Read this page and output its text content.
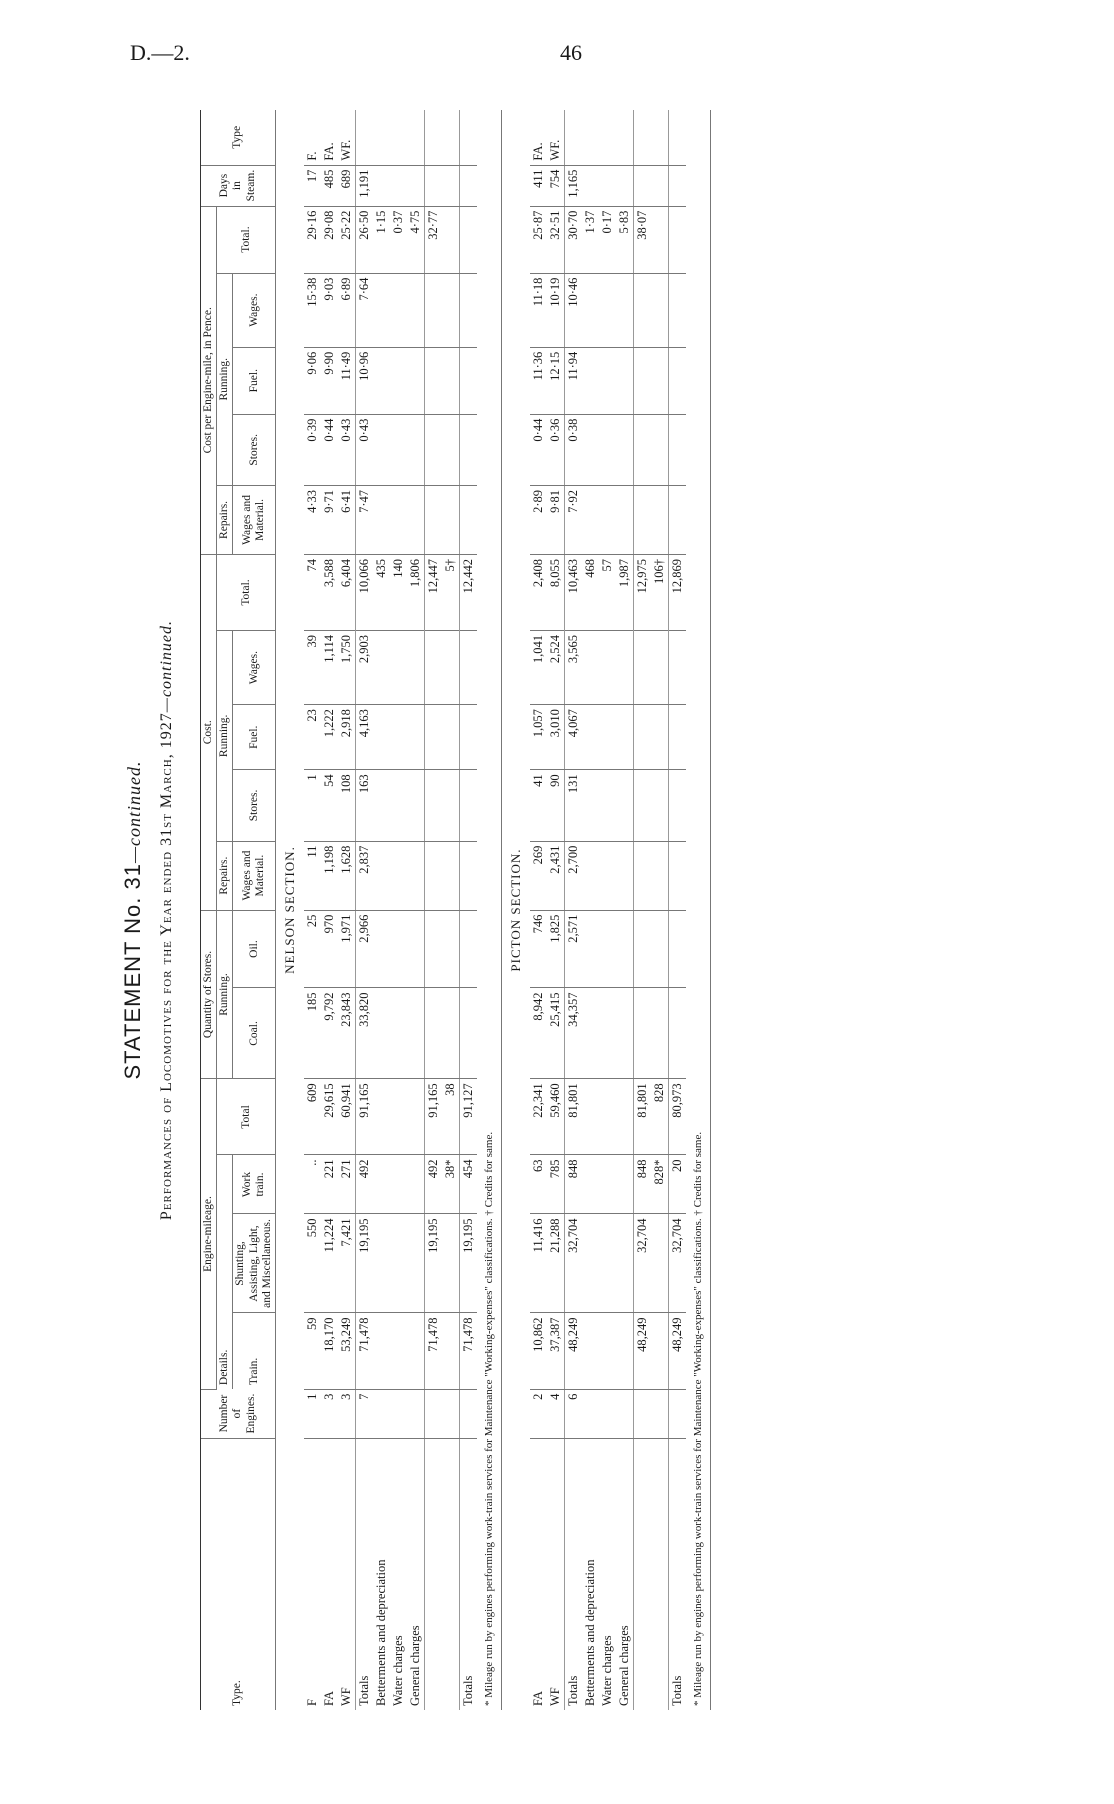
D.—2.	46
STATEMENT No. 31—continued. Performances of Locomotives for the Year ended 31st March, 1927—continued.
Type.	Number of Engines.	Engine-mileage.				Quantity of Stores.		Cost.					Cost per Engine-mile, in Pence.					Days in Steam.	Type
		Details.			Total	Running.		Repairs.	Running.			Total.	Repairs.	Running.			Total.		
		Train.	Shunting, Assisting, Light, and Miscellaneous.	Work train.		Coal.	Oil.	Wages and Material.	Stores.	Fuel.	Wages.		Wages and Material.	Stores.	Fuel.	Wages.			

NELSON SECTION.																			
F	1	59	550	..	609	185	25	11	1	23	39	74	4·33	0·39	9·06	15·38	29·16	17	F.
FA	3	18,170	11,224	221	29,615	9,792	970	1,198	54	1,222	1,114	3,588	9·71	0·44	9·90	9·03	29·08	485	FA.
WF	3	53,249	7,421	271	60,941	23,843	1,971	1,628	108	2,918	1,750	6,404	6·41	0·43	11·49	6·89	25·22	689	WF.
Totals	7	71,478	19,195	492	91,165	33,820	2,966	2,837	163	4,163	2,903	10,066	7·47	0·43	10·96	7·64	26·50	1,191	
Betterments and depreciation												435					1·15		
Water charges												140					0·37		
General charges												1,806					4·75		
		71,478	19,195	492	91,165							12,447					32·77		
				38*	38							5†							
Totals		71,478	19,195	454	91,127							12,442							
* Mileage run by engines performing work-train services for Maintenance "Working-expenses" classifications. † Credits for same.																			
PICTON SECTION.																			
FA	2	10,862	11,416	63	22,341	8,942	746	269	41	1,057	1,041	2,408	2·89	0·44	11·36	11·18	25·87	411	FA.
WF	4	37,387	21,288	785	59,460	25,415	1,825	2,431	90	3,010	2,524	8,055	9·81	0·36	12·15	10·19	32·51	754	WF.
Totals	6	48,249	32,704	848	81,801	34,357	2,571	2,700	131	4,067	3,565	10,463	7·92	0·38	11·94	10·46	30·70	1,165	
Betterments and depreciation												468					1·37		
Water charges												57					0·17		
General charges												1,987					5·83		
		48,249	32,704	848	81,801							12,975					38·07		
				828*	828							106†							
Totals		48,249	32,704	20	80,973							12,869							
* Mileage run by engines performing work-train services for Maintenance "Working-expenses" classifications. † Credits for same.																			
